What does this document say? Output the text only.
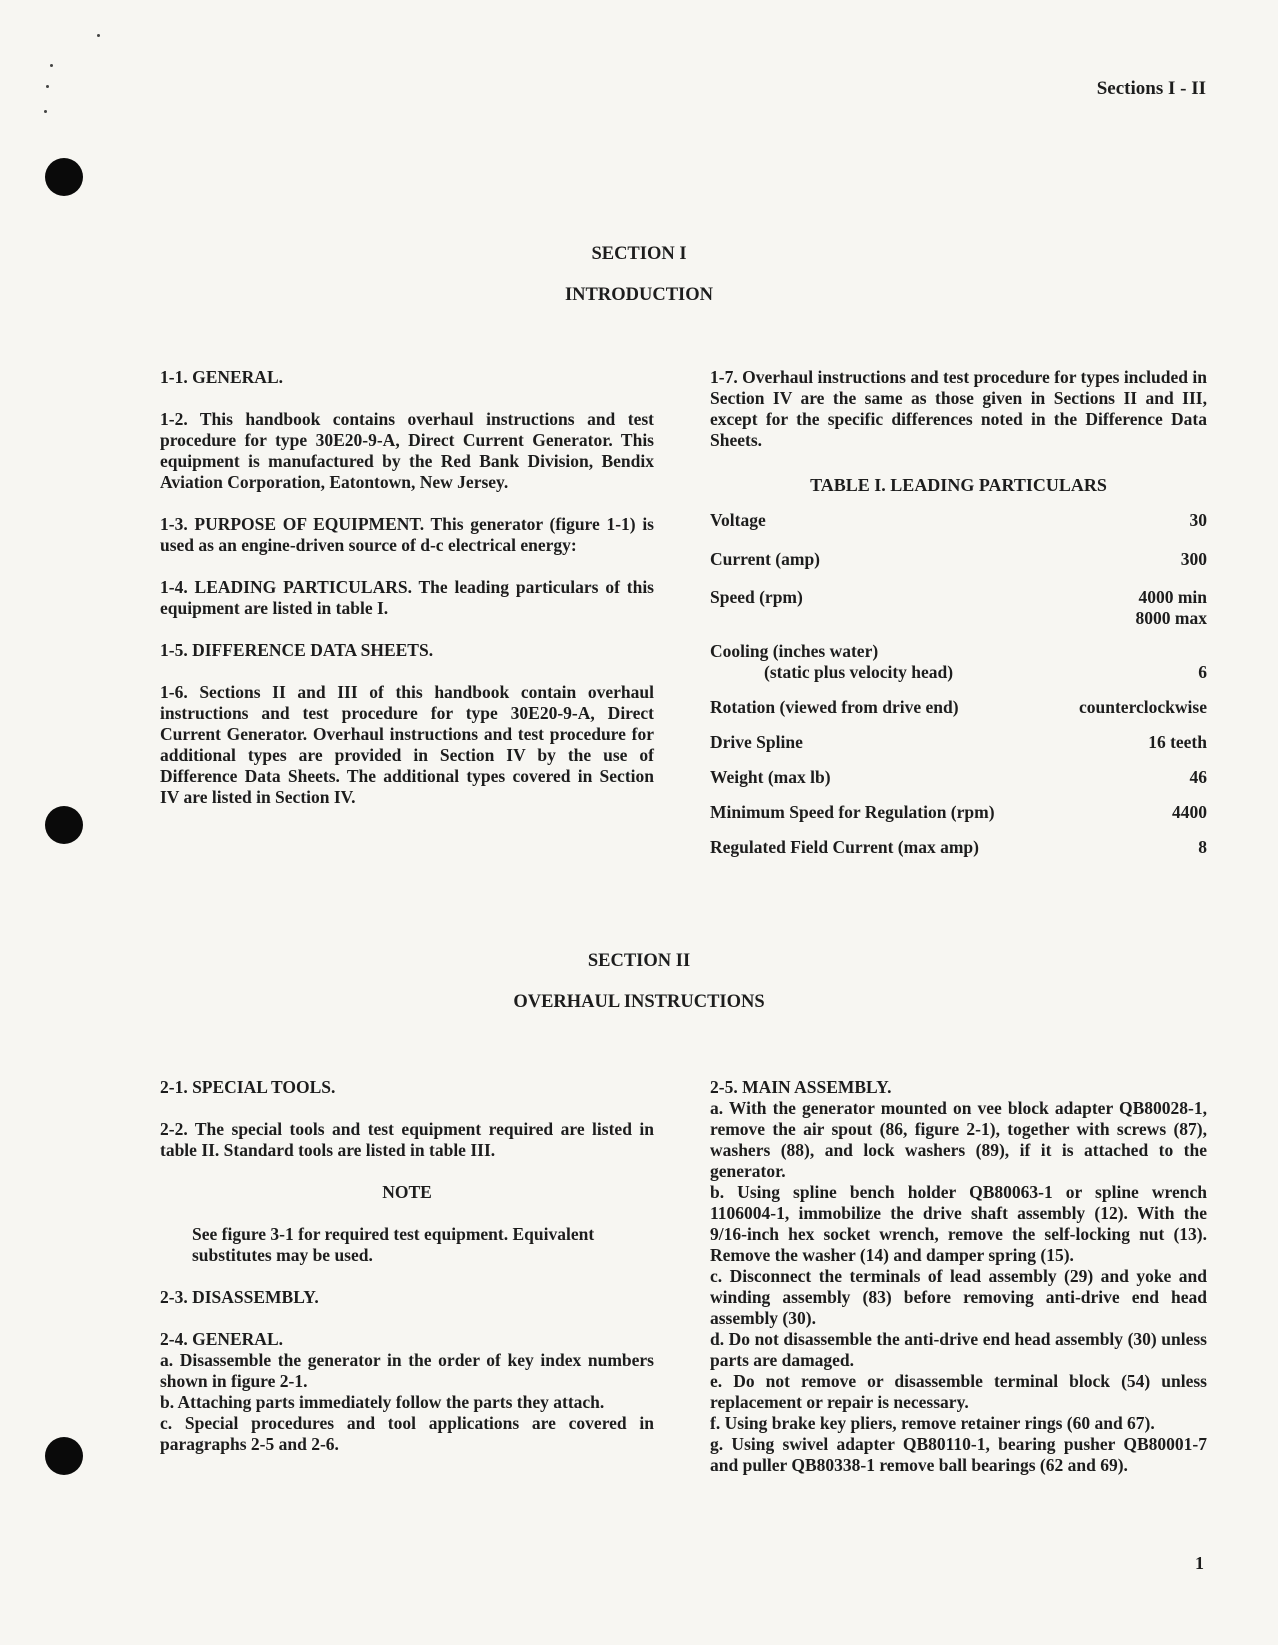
Sections I - II
SECTION I
INTRODUCTION

1-1. GENERAL.

1-2. This handbook contains overhaul instructions and test procedure for type 30E20-9-A, Direct Current Generator. This equipment is manufactured by the Red Bank Division, Bendix Aviation Corporation, Eatontown, New Jersey.

1-3. PURPOSE OF EQUIPMENT. This generator (figure 1-1) is used as an engine-driven source of d-c electrical energy:

1-4. LEADING PARTICULARS. The leading particulars of this equipment are listed in table I.

1-5. DIFFERENCE DATA SHEETS.

1-6. Sections II and III of this handbook contain overhaul instructions and test procedure for type 30E20-9-A, Direct Current Generator. Overhaul instructions and test procedure for additional types are provided in Section IV by the use of Difference Data Sheets. The additional types covered in Section IV are listed in Section IV.

1-7. Overhaul instructions and test procedure for types included in Section IV are the same as those given in Sections II and III, except for the specific differences noted in the Difference Data Sheets.

TABLE I. LEADING PARTICULARS

Voltage	30
Current (amp)	300
Speed (rpm)	4000 min
8000 max
Cooling (inches water)
(static plus velocity head)	6
Rotation (viewed from drive end)	counterclockwise
Drive Spline	16 teeth
Weight (max lb)	46
Minimum Speed for Regulation (rpm)	4400
Regulated Field Current (max amp)	8
SECTION II
OVERHAUL INSTRUCTIONS

2-1. SPECIAL TOOLS.

2-2. The special tools and test equipment required are listed in table II. Standard tools are listed in table III.

NOTE

See figure 3-1 for required test equipment. Equivalent substitutes may be used.

2-3. DISASSEMBLY.

2-4. GENERAL.

a. Disassemble the generator in the order of key index numbers shown in figure 2-1.

b. Attaching parts immediately follow the parts they attach.

c. Special procedures and tool applications are covered in paragraphs 2-5 and 2-6.

2-5. MAIN ASSEMBLY.

a. With the generator mounted on vee block adapter QB80028-1, remove the air spout (86, figure 2-1), together with screws (87), washers (88), and lock washers (89), if it is attached to the generator.

b. Using spline bench holder QB80063-1 or spline wrench 1106004-1, immobilize the drive shaft assembly (12). With the 9/16-inch hex socket wrench, remove the self-locking nut (13). Remove the washer (14) and damper spring (15).

c. Disconnect the terminals of lead assembly (29) and yoke and winding assembly (83) before removing anti-drive end head assembly (30).

d. Do not disassemble the anti-drive end head assembly (30) unless parts are damaged.

e. Do not remove or disassemble terminal block (54) unless replacement or repair is necessary.

f. Using brake key pliers, remove retainer rings (60 and 67).

g. Using swivel adapter QB80110-1, bearing pusher QB80001-7 and puller QB80338-1 remove ball bearings (62 and 69).

1
